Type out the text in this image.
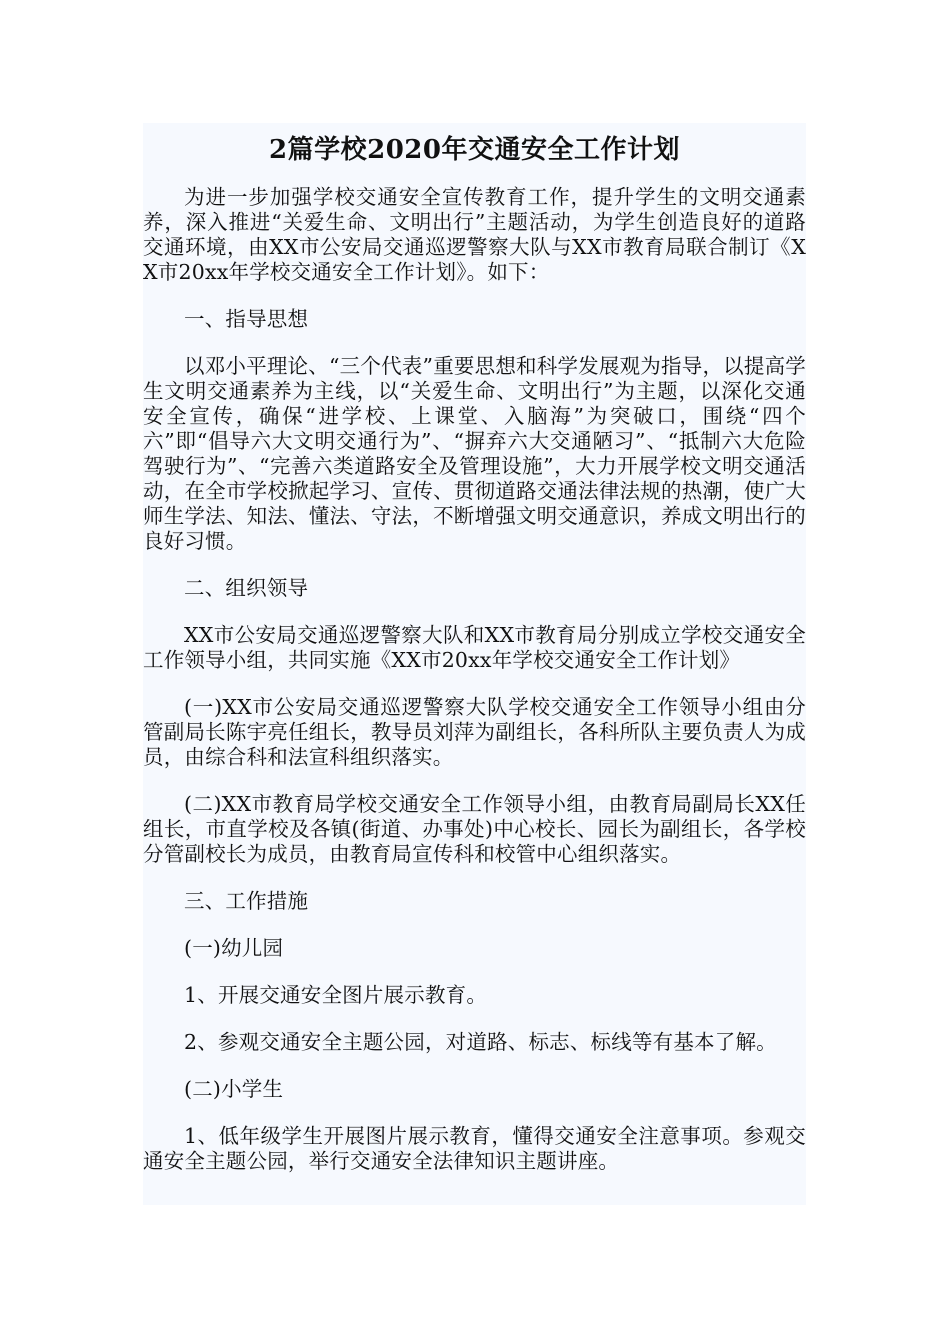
2篇学校2020年交通安全工作计划

为进一步加强学校交通安全宣传教育工作，提升学生的文明交通素养，深入推进“关爱生命、文明出行”主题活动，为学生创造良好的道路交通环境，由XX市公安局交通巡逻警察大队与XX市教育局联合制订《XX市20xx年学校交通安全工作计划》。如下：

一、指导思想

以邓小平理论、“三个代表”重要思想和科学发展观为指导，以提高学生文明交通素养为主线，以“关爱生命、文明出行”为主题，以深化交通安全宣传，确保“进学校、上课堂、入脑海”为突破口，围绕“四个六”即“倡导六大文明交通行为”、“摒弃六大交通陋习”、“抵制六大危险驾驶行为”、“完善六类道路安全及管理设施”，大力开展学校文明交通活动，在全市学校掀起学习、宣传、贯彻道路交通法律法规的热潮，使广大师生学法、知法、懂法、守法，不断增强文明交通意识，养成文明出行的良好习惯。

二、组织领导

XX市公安局交通巡逻警察大队和XX市教育局分别成立学校交通安全工作领导小组，共同实施《XX市20xx年学校交通安全工作计划》

(一)XX市公安局交通巡逻警察大队学校交通安全工作领导小组由分管副局长陈宇亮任组长，教导员刘萍为副组长，各科所队主要负责人为成员，由综合科和法宣科组织落实。

(二)XX市教育局学校交通安全工作领导小组，由教育局副局长XX任组长，市直学校及各镇(街道、办事处)中心校长、园长为副组长，各学校分管副校长为成员，由教育局宣传科和校管中心组织落实。

三、工作措施

(一)幼儿园

1、开展交通安全图片展示教育。

2、参观交通安全主题公园，对道路、标志、标线等有基本了解。

(二)小学生

1、低年级学生开展图片展示教育，懂得交通安全注意事项。参观交通安全主题公园，举行交通安全法律知识主题讲座。
